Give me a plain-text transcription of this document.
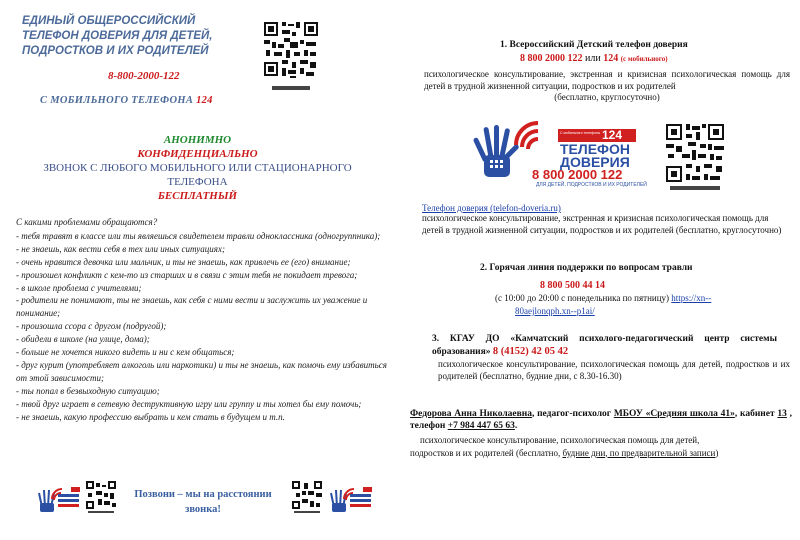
ЕДИНЫЙ ОБЩЕРОССИЙСКИЙ ТЕЛЕФОН ДОВЕРИЯ ДЛЯ ДЕТЕЙ, ПОДРОСТКОВ И ИХ РОДИТЕЛЕЙ
8-800-2000-122
С МОБИЛЬНОГО ТЕЛЕФОНА 124
АНОНИМНО
КОНФИДЕНЦИАЛЬНО
ЗВОНОК С ЛЮБОГО МОБИЛЬНОГО ИЛИ СТАЦИОНАРНОГО ТЕЛЕФОНА
БЕСПЛАТНЫЙ
С какими проблемами обращаются?
- тебя травят в классе или ты являешься свидетелем травли одноклассника (одногруппника);
- не знаешь, как вести себя в тех или иных ситуациях;
- очень нравится девочка или мальчик, и ты не знаешь, как привлечь ее (его) внимание;
- произошел конфликт с кем-то из старших и в связи с этим тебя не покидает тревога;
- в школе проблема с учителями;
- родители не понимают, ты не знаешь, как себя с ними вести и заслужить их уважение и понимание;
- произошла ссора с другом (подругой);
- обидели в школе (на улице, дома);
- больше не хочется никого видеть и ни с кем общаться;
- друг курит (употребляет алкоголь или наркотики) и ты не знаешь, как помочь ему избавиться от этой зависимости;
- ты попал в безвыходную ситуацию;
- твой друг играет в сетевую деструктивную игру или группу и ты хотел бы ему помочь;
- не знаешь, какую профессию выбрать и кем стать в будущем и т.п.
Позвони – мы на расстоянии звонка!
1. Всероссийский Детский телефон доверия
8 800 2000 122 или 124 (с мобильного)
психологическое консультирование, экстренная и кризисная психологическая помощь для детей в трудной жизненной ситуации, подростков и их родителей
(бесплатно, круглосуточно)
С мобильного телефона 124
ТЕЛЕФОН
ДОВЕРИЯ
8 800 2000 122
ДЛЯ ДЕТЕЙ, ПОДРОСТКОВ И ИХ РОДИТЕЛЕЙ
Телефон доверия (telefon-doveria.ru)
психологическое консультирование, экстренная и кризисная психологическая помощь для детей в трудной жизненной ситуации, подростков и их родителей (бесплатно, круглосуточно)
2. Горячая линия поддержки по вопросам травли
8 800 500 44 14
(с 10:00 до 20:00 с понедельника по пятницу) https://xn--
80aejlonqph.xn--p1ai/
3. КГАУ ДО «Камчатский психолого-педагогический центр системы образования» 8 (4152) 42 05 42
психологическое консультирование, психологическая помощь для детей, подростков и их родителей (бесплатно, будние дни, с 8.30-16.30)
Федорова Анна Николаевна, педагог-психолог МБОУ «Средняя школа 41», кабинет 13 , телефон +7 984 447 65 63.
психологическое консультирование, психологическая помощь для детей,
подростков и их родителей (бесплатно, будние дни, по предварительной записи)
